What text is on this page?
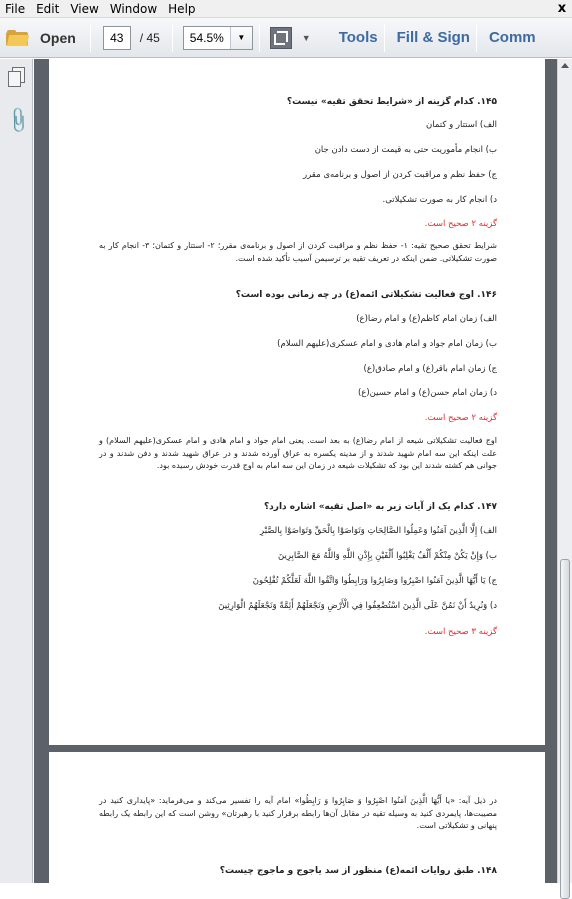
File Edit View Window Help	x
Open	43	/ 45	54.5%	▼	▼ Tools Fill & Sign Comm
📎
۱۴۵. کدام گزینه از «شرایط تحقق تقیه» نیست؟
الف) استتار و کتمان
ب) انجام مأموریت حتی به قیمت از دست دادن جان
ج) حفظ نظم و مراقبت کردن از اصول و برنامه‌ی مقرر
د) انجام کار به صورت تشکیلاتی.
گزینه ۲ صحیح است.
شرایط تحقق صحیح تقیه: ۱- حفظ نظم و مراقبت کردن از اصول و برنامه‌ی مقرر؛ ۲- استتار و کتمان؛ ۳- انجام کار به صورت تشکیلاتی. ضمن اینکه در تعریف تقیه بر ترسیمن آسیب تأکید شده است.
۱۴۶. اوج فعالیت تشکیلاتی ائمه(ع) در چه زمانی بوده است؟
الف) زمان امام کاظم(ع) و امام رضا(ع)
ب) زمان امام جواد و امام هادی و امام عسکری(علیهم السلام)
ج) زمان امام باقر(ع) و امام صادق(ع)
د) زمان امام حسن(ع) و امام حسین(ع)
گزینه ۲ صحیح است.
اوج فعالیت تشکیلاتی شیعه از امام رضا(ع) به بعد است. یعنی امام جواد و امام هادی و امام عسکری(علیهم السلام) و علت اینکه این سه امام شهید شدند و از مدینه یکسره به عراق آورده شدند و در عراق شهید شدند و دفن شدند و در جوانی هم کشته شدند این بود که تشکیلات شیعه در زمان این سه امام به اوج قدرت خودش رسیده بود.
۱۴۷. کدام یک از آیات زیر به «اصل تقیه» اشاره دارد؟
الف) إِلَّا الَّذِينَ آمَنُوا وَعَمِلُوا الصَّالِحَاتِ وَتَوَاصَوْا بِالْحَقِّ وَتَوَاصَوْا بِالصَّبْرِ
ب) وَإِنْ يَكُنْ مِنْكُمْ أَلْفٌ يَغْلِبُوا أَلْفَيْنِ بِإِذْنِ اللَّهِ وَاللَّهُ مَعَ الصَّابِرِينَ
ج) يَا أَيُّهَا الَّذِينَ آمَنُوا اصْبِرُوا وَصَابِرُوا وَرَابِطُوا وَاتَّقُوا اللَّهَ لَعَلَّكُمْ تُفْلِحُونَ
د) وَنُرِيدُ أَنْ نَمُنَّ عَلَى الَّذِينَ اسْتُضْعِفُوا فِي الْأَرْضِ وَنَجْعَلَهُمْ أَئِمَّةً وَنَجْعَلَهُمُ الْوَارِثِينَ
گزینه ۳ صحیح است.
در ذیل آیه: «یا أَیُّهَا الَّذِینَ آمَنُوا اصْبِرُوا وَ صَابِرُوا وَ رَابِطُوا» امام آیه را تفسیر می‌کند و می‌فرماید: «پایداری کنید در مصیبت‌ها، پایمردی کنید به وسیله تقیه در مقابل آن‌ها رابطه برقرار کنید با رهبرتان» روشن است که این رابطه یک رابطه پنهانی و تشکیلاتی است.
۱۴۸. طبق روایات ائمه(ع) منظور از سد یاجوج و ماجوج چیست؟
